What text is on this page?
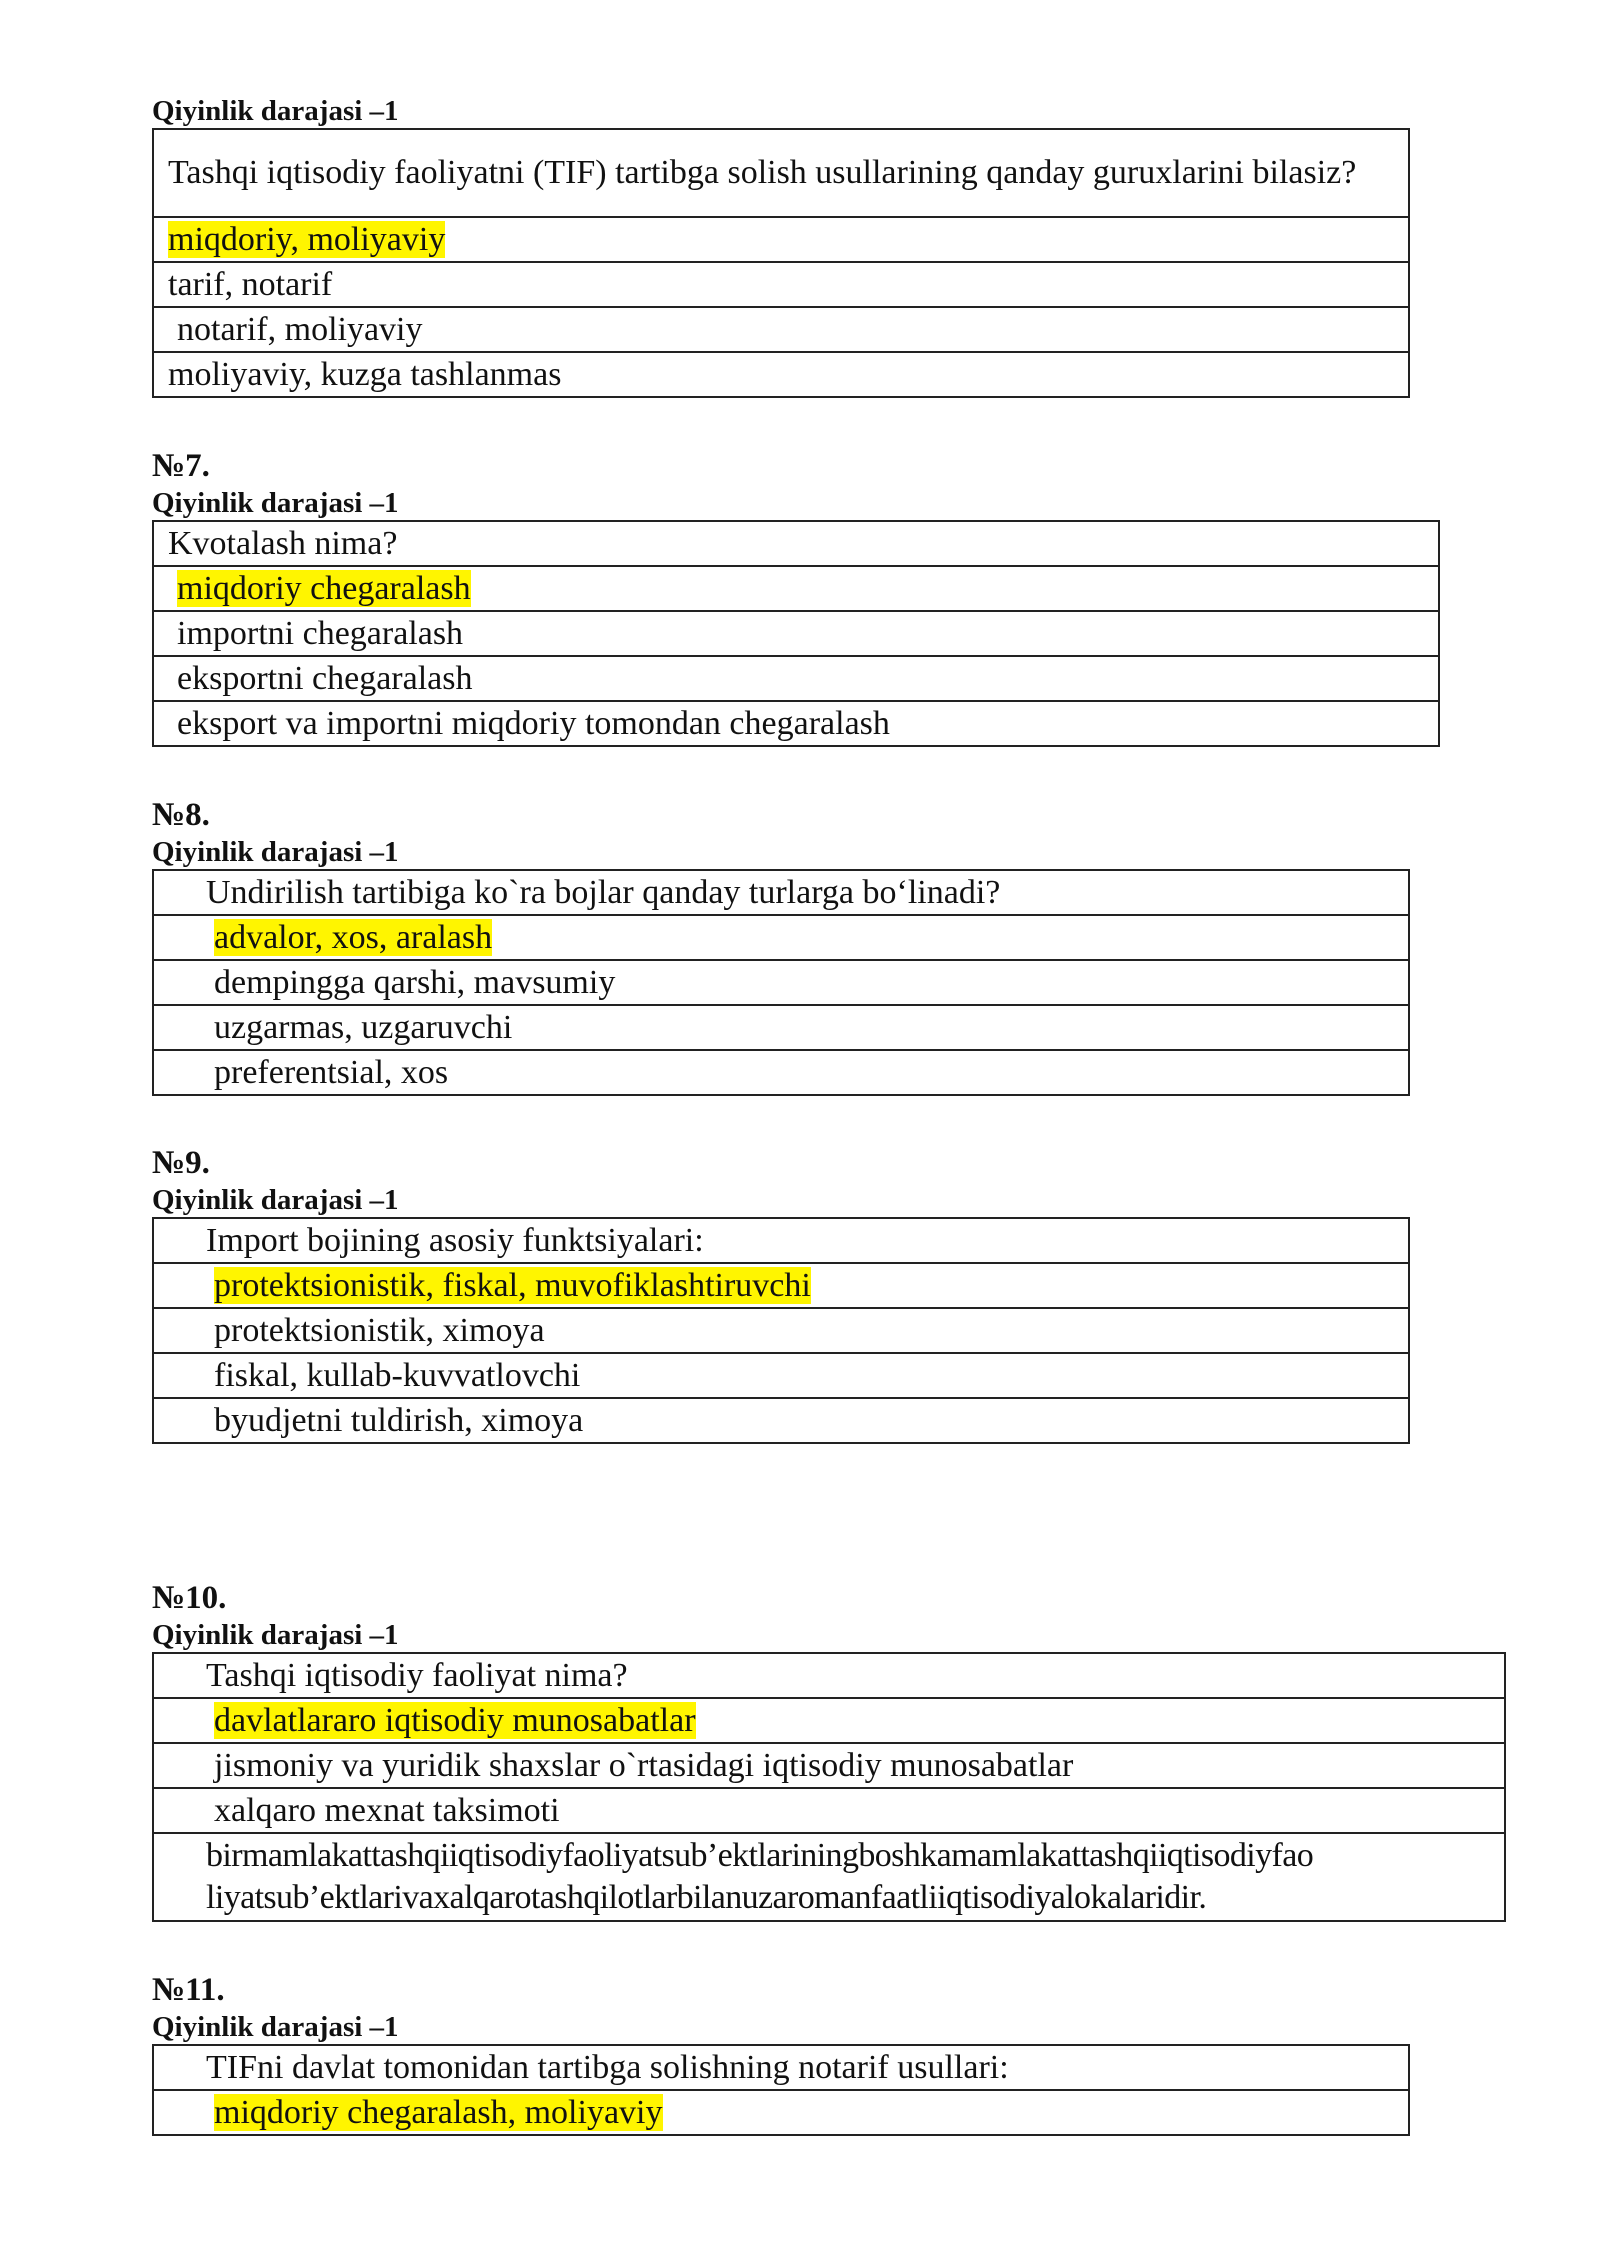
Qiyinlik darajasi –1
Tashqi iqtisodiy faoliyatni (TIF) tartibga solish usullarining qanday guruxlarini bilasiz?
miqdoriy, moliyaviy
tarif, notarif
notarif, moliyaviy
moliyaviy, kuzga tashlanmas
№7.
Qiyinlik darajasi –1
Kvotalash nima?
miqdoriy chegaralash
importni chegaralash
eksportni chegaralash
eksport va importni miqdoriy tomondan chegaralash
№8.
Qiyinlik darajasi –1
Undirilish tartibiga ko`ra bojlar qanday turlarga bo‘linadi?
advalor, xos, aralash
dempingga qarshi, mavsumiy
uzgarmas, uzgaruvchi
preferentsial, xos
№9.
Qiyinlik darajasi –1
Import bojining asosiy funktsiyalari:
protektsionistik, fiskal, muvofiklashtiruvchi
protektsionistik, ximoya
fiskal, kullab-kuvvatlovchi
byudjetni tuldirish, ximoya
№10.
Qiyinlik darajasi –1
Tashqi iqtisodiy faoliyat nima?
davlatlararo iqtisodiy munosabatlar
jismoniy va yuridik shaxslar o`rtasidagi iqtisodiy munosabatlar
xalqaro mexnat taksimoti

birmamlakattashqiiqtisodiyfaoliyatsub’ektlariningboshkamamlakattashqiiqtisodiyfao
liyatsub’ektlarivaxalqarotashqilotlarbilanuzaromanfaatliiqtisodiyalokalaridir.
№11.
Qiyinlik darajasi –1
TIFni davlat tomonidan tartibga solishning notarif usullari:
miqdoriy chegaralash, moliyaviy
